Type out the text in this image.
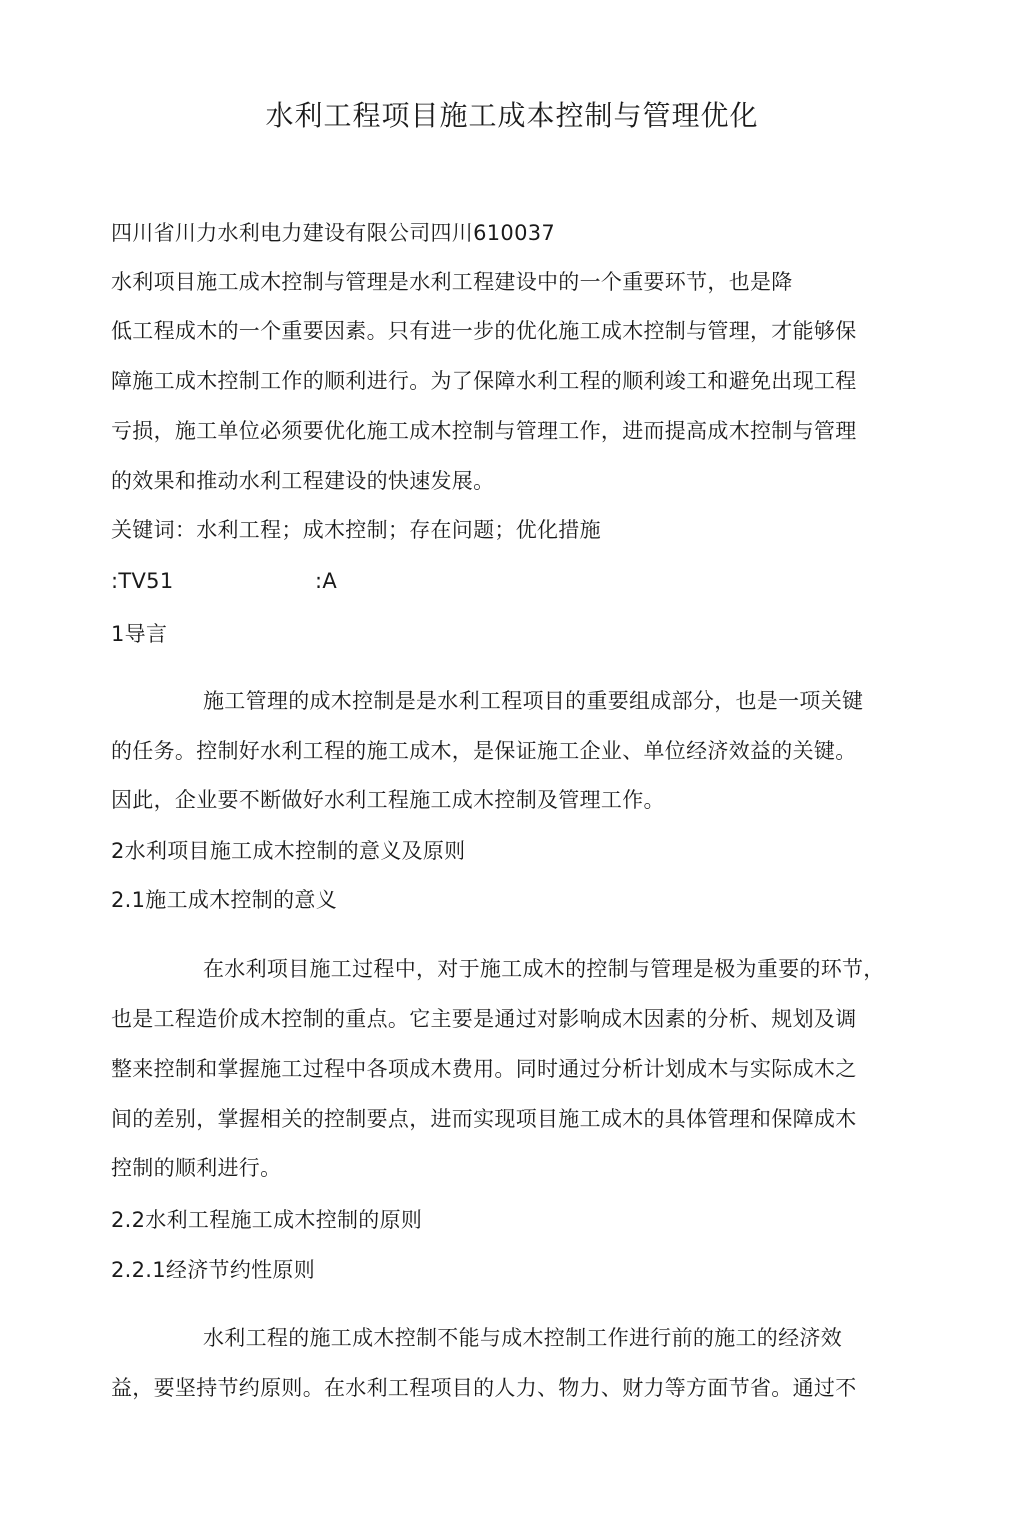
水利工程项目施工成本控制与管理优化
四川省川力水利电力建设有限公司四川610037
水利项目施工成木控制与管理是水利工程建设中的一个重要环节，也是降
低工程成木的一个重要因素。只有进一步的优化施工成木控制与管理，才能够保
障施工成木控制工作的顺利进行。为了保障水利工程的顺利竣工和避免出现工程
亏损，施工单位必须要优化施工成木控制与管理工作，进而提高成木控制与管理
的效果和推动水利工程建设的快速发展。
关键词：水利工程；成木控制；存在问题；优化措施
:TV51	:A
1导言
施工管理的成木控制是是水利工程项目的重要组成部分，也是一项关键
的任务。控制好水利工程的施工成木，是保证施工企业、单位经济效益的关键。
因此，企业要不断做好水利工程施工成木控制及管理工作。
2水利项目施工成木控制的意义及原则
2.1施工成木控制的意义
在水利项目施工过程中，对于施工成木的控制与管理是极为重要的环节，
也是工程造价成木控制的重点。它主要是通过对影响成木因素的分析、规划及调
整来控制和掌握施工过程中各项成木费用。同时通过分析计划成木与实际成木之
间的差别，掌握相关的控制要点，进而实现项目施工成木的具体管理和保障成木
控制的顺利进行。
2.2水利工程施工成木控制的原则
2.2.1经济节约性原则
水利工程的施工成木控制不能与成木控制工作进行前的施工的经济效
益，要坚持节约原则。在水利工程项目的人力、物力、财力等方面节省。通过不
